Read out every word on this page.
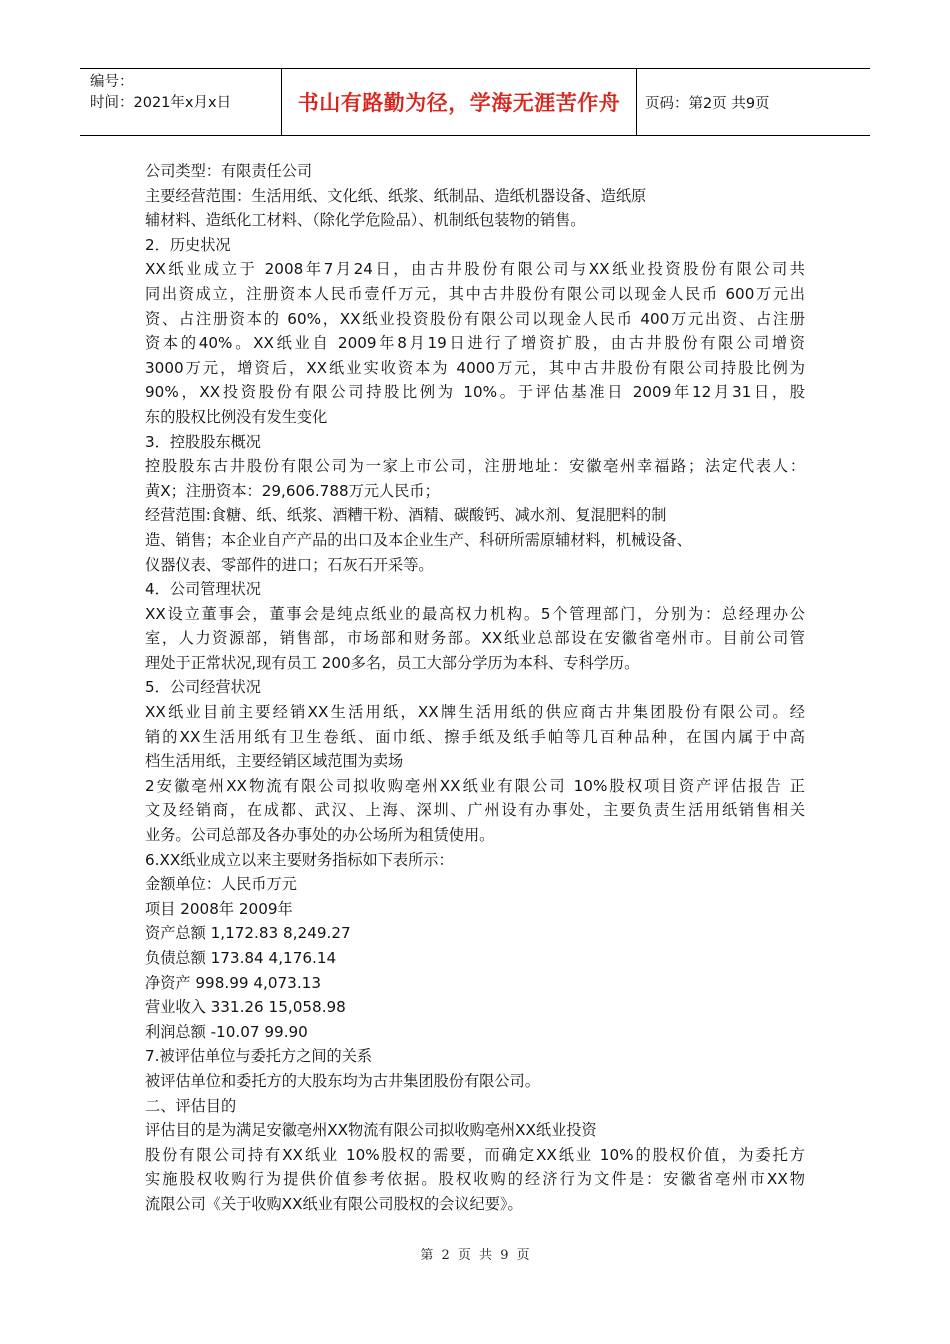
编号：
时间：2021年x月x日	书山有路勤为径，学海无涯苦作舟	页码：第2页 共9页
公司类型：有限责任公司
主要经营范围：生活用纸、文化纸、纸浆、纸制品、造纸机器设备、造纸原
辅材料、造纸化工材料、（除化学危险品）、机制纸包装物的销售。
2．历史状况
XX纸业成立于 2008年7月24日，由古井股份有限公司与XX纸业投资股份有限公司共
同出资成立，注册资本人民币壹仟万元，其中古井股份有限公司以现金人民币 600万元出
资、占注册资本的 60%，XX纸业投资股份有限公司以现金人民币 400万元出资、占注册
资本的40%。XX纸业自 2009年8月19日进行了增资扩股，由古井股份有限公司增资
3000万元，增资后，XX纸业实收资本为 4000万元，其中古井股份有限公司持股比例为
90%，XX投资股份有限公司持股比例为 10%。于评估基准日 2009年12月31日，股
东的股权比例没有发生变化
3．控股股东概况
控股股东古井股份有限公司为一家上市公司，注册地址：安徽亳州幸福路；法定代表人：
黄X；注册资本：29,606.788万元人民币；
经营范围:食糖、纸、纸浆、酒糟干粉、酒精、碳酸钙、减水剂、复混肥料的制
造、销售；本企业自产产品的出口及本企业生产、科研所需原辅材料，机械设备、
仪器仪表、零部件的进口；石灰石开采等。
4．公司管理状况
XX设立董事会，董事会是纯点纸业的最高权力机构。5个管理部门，分别为：总经理办公
室，人力资源部，销售部，市场部和财务部。XX纸业总部设在安徽省亳州市。目前公司管
理处于正常状况,现有员工 200多名，员工大部分学历为本科、专科学历。
5．公司经营状况
XX纸业目前主要经销XX生活用纸，XX牌生活用纸的供应商古井集团股份有限公司。经
销的XX生活用纸有卫生卷纸、面巾纸、擦手纸及纸手帕等几百种品种，在国内属于中高
档生活用纸，主要经销区域范围为卖场
2安徽亳州XX物流有限公司拟收购亳州XX纸业有限公司 10%股权项目资产评估报告 正
文及经销商，在成都、武汉、上海、深圳、广州设有办事处，主要负责生活用纸销售相关
业务。公司总部及各办事处的办公场所为租赁使用。
6.XX纸业成立以来主要财务指标如下表所示：
金额单位：人民币万元
项目 2008年 2009年
资产总额 1,172.83 8,249.27
负债总额 173.84 4,176.14
净资产 998.99 4,073.13
营业收入 331.26 15,058.98
利润总额 -10.07 99.90
7.被评估单位与委托方之间的关系
被评估单位和委托方的大股东均为古井集团股份有限公司。
二、评估目的
评估目的是为满足安徽亳州XX物流有限公司拟收购亳州XX纸业投资
股份有限公司持有XX纸业 10%股权的需要，而确定XX纸业 10%的股权价值，为委托方
实施股权收购行为提供价值参考依据。股权收购的经济行为文件是：安徽省亳州市XX物
流限公司《关于收购XX纸业有限公司股权的会议纪要》。
第 2 页 共 9 页
